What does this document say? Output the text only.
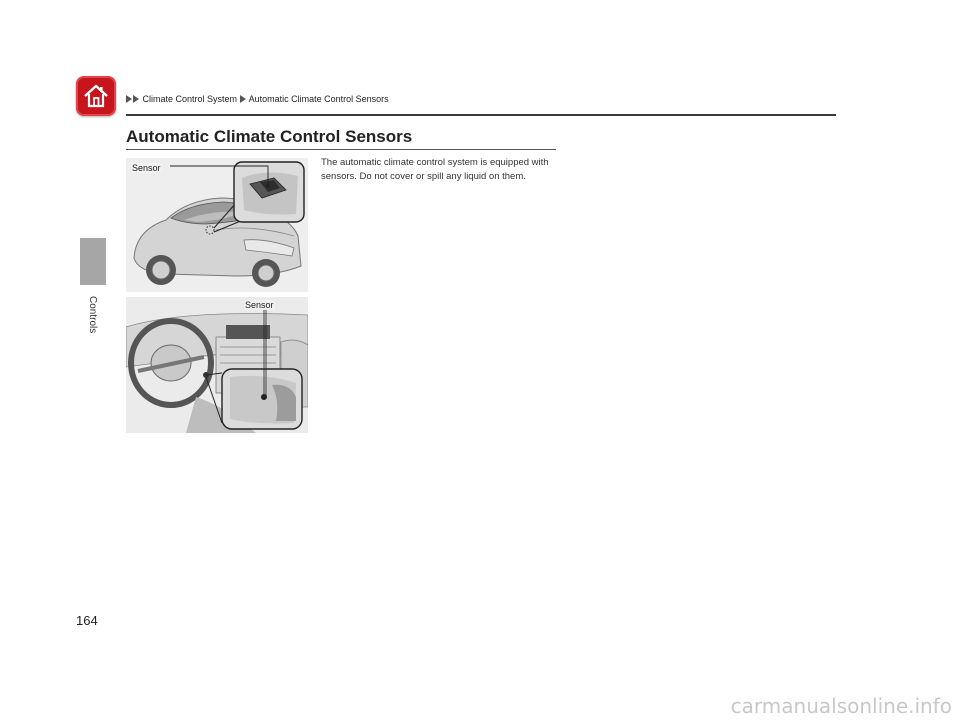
Climate Control System Automatic Climate Control Sensors
Controls
Automatic Climate Control Sensors
The automatic climate control system is equipped with sensors. Do not cover or spill any liquid on them.
Sensor
Sensor
164
carmanualsonline.info
